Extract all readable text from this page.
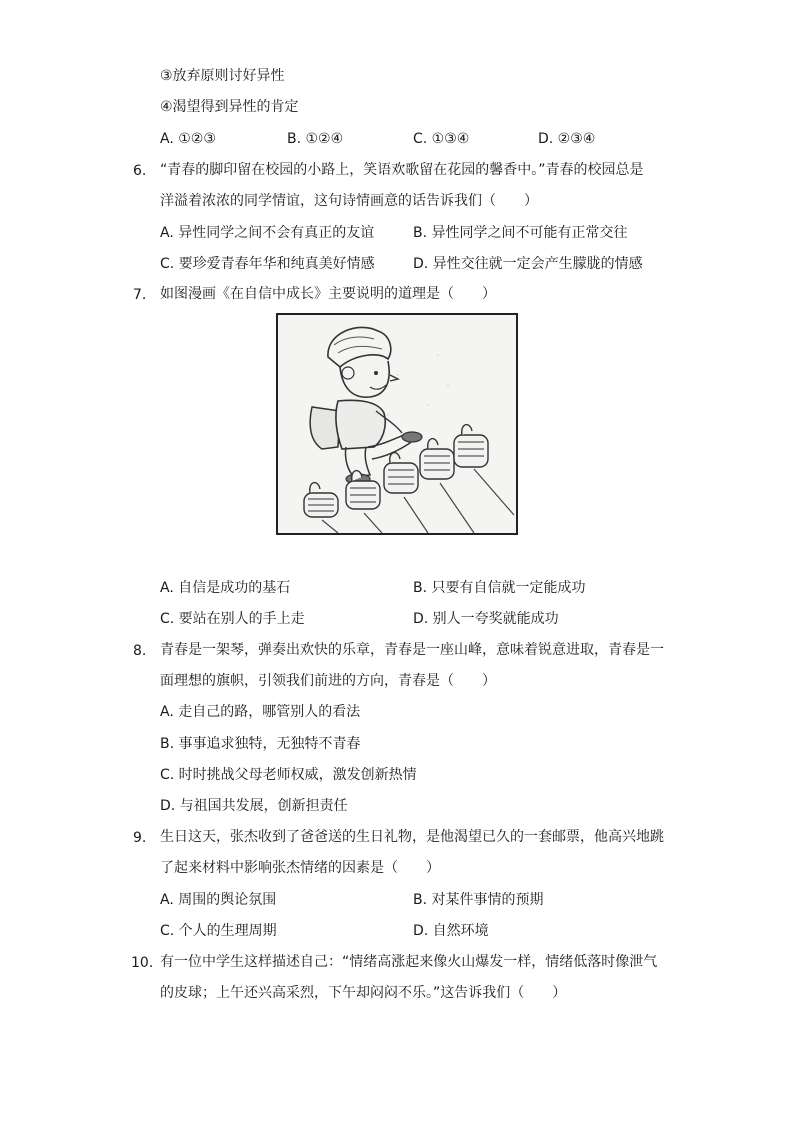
③放弃原则讨好异性
④渴望得到异性的肯定
A. ①②③	B. ①②④	C. ①③④	D. ②③④
6. “青春的脚印留在校园的小路上，笑语欢歌留在花园的馨香中。”青春的校园总是
洋溢着浓浓的同学情谊，这句诗情画意的话告诉我们（　　）
A. 异性同学之间不会有真正的友谊	B. 异性同学之间不可能有正常交往
C. 要珍爱青春年华和纯真美好情感	D. 异性交往就一定会产生朦胧的情感
7. 如图漫画《在自信中成长》主要说明的道理是（　　）
A. 自信是成功的基石	B. 只要有自信就一定能成功
C. 要站在别人的手上走	D. 别人一夸奖就能成功
8. 青春是一架琴，弹奏出欢快的乐章，青春是一座山峰，意味着锐意进取，青春是一
面理想的旗帜，引领我们前进的方向，青春是（　　）
A. 走自己的路，哪管别人的看法
B. 事事追求独特，无独特不青春
C. 时时挑战父母老师权威，激发创新热情
D. 与祖国共发展，创新担责任
9. 生日这天，张杰收到了爸爸送的生日礼物，是他渴望已久的一套邮票，他高兴地跳
了起来材料中影响张杰情绪的因素是（　　）
A. 周围的舆论氛围	B. 对某件事情的预期
C. 个人的生理周期	D. 自然环境
10. 有一位中学生这样描述自己：“情绪高涨起来像火山爆发一样，情绪低落时像泄气
的皮球；上午还兴高采烈，下午却闷闷不乐。”这告诉我们（　　）
